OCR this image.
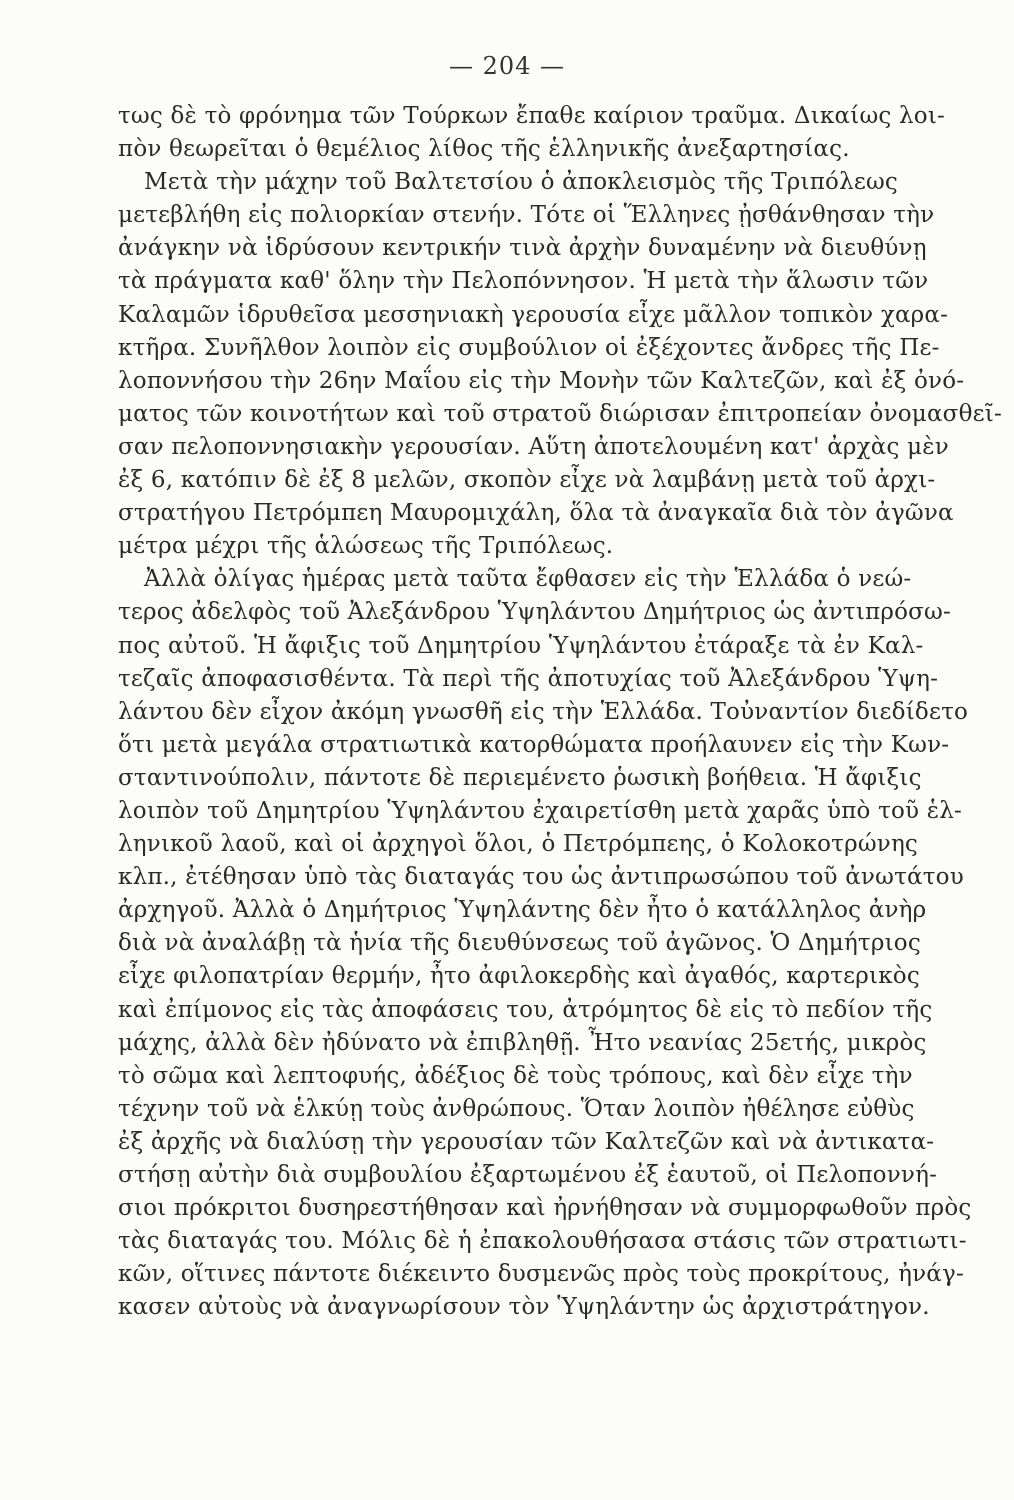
— 204 —
τως δὲ τὸ φρόνημα τῶν Τούρκων ἔπαθε καίριον τραῦμα. Δικαίως λοι-
πὸν θεωρεῖται ὁ θεμέλιος λίθος τῆς ἑλληνικῆς ἀνεξαρτησίας.
Μετὰ τὴν μάχην τοῦ Βαλτετσίου ὁ ἀποκλεισμὸς τῆς Τριπόλεως
μετεβλήθη εἰς πολιορκίαν στενήν. Τότε οἱ Ἕλληνες ᾐσθάνθησαν τὴν
ἀνάγκην νὰ ἱδρύσουν κεντρικήν τινὰ ἀρχὴν δυναμένην νὰ διευθύνῃ
τὰ πράγματα καθ' ὅλην τὴν Πελοπόννησον. Ἡ μετὰ τὴν ἅλωσιν τῶν
Καλαμῶν ἱδρυθεῖσα μεσσηνιακὴ γερουσία εἶχε μᾶλλον τοπικὸν χαρα-
κτῆρα. Συνῆλθον λοιπὸν εἰς συμβούλιον οἱ ἐξέχοντες ἄνδρες τῆς Πε-
λοποννήσου τὴν 26ην Μαΐου εἰς τὴν Μονὴν τῶν Καλτεζῶν, καὶ ἐξ ὀνό-
ματος τῶν κοινοτήτων καὶ τοῦ στρατοῦ διώρισαν ἐπιτροπείαν ὀνομασθεῖ-
σαν πελοποννησιακὴν γερουσίαν. Αὕτη ἀποτελουμένη κατ' ἀρχὰς μὲν
ἐξ 6, κατόπιν δὲ ἐξ 8 μελῶν, σκοπὸν εἶχε νὰ λαμβάνῃ μετὰ τοῦ ἀρχι-
στρατήγου Πετρόμπεη Μαυρομιχάλη, ὅλα τὰ ἀναγκαῖα διὰ τὸν ἀγῶνα
μέτρα μέχρι τῆς ἁλώσεως τῆς Τριπόλεως.
Ἀλλὰ ὀλίγας ἡμέρας μετὰ ταῦτα ἔφθασεν εἰς τὴν Ἑλλάδα ὁ νεώ-
τερος ἀδελφὸς τοῦ Ἀλεξάνδρου Ὑψηλάντου Δημήτριος ὡς ἀντιπρόσω-
πος αὐτοῦ. Ἡ ἄφιξις τοῦ Δημητρίου Ὑψηλάντου ἐτάραξε τὰ ἐν Καλ-
τεζαῖς ἀποφασισθέντα. Τὰ περὶ τῆς ἀποτυχίας τοῦ Ἀλεξάνδρου Ὑψη-
λάντου δὲν εἶχον ἀκόμη γνωσθῆ εἰς τὴν Ἑλλάδα. Τοὐναντίον διεδίδετο
ὅτι μετὰ μεγάλα στρατιωτικὰ κατορθώματα προήλαυνεν εἰς τὴν Κων-
σταντινούπολιν, πάντοτε δὲ περιεμένετο ῥωσικὴ βοήθεια. Ἡ ἄφιξις
λοιπὸν τοῦ Δημητρίου Ὑψηλάντου ἐχαιρετίσθη μετὰ χαρᾶς ὑπὸ τοῦ ἑλ-
ληνικοῦ λαοῦ, καὶ οἱ ἀρχηγοὶ ὅλοι, ὁ Πετρόμπεης, ὁ Κολοκοτρώνης
κλπ., ἐτέθησαν ὑπὸ τὰς διαταγάς του ὡς ἀντιπρωσώπου τοῦ ἀνωτάτου
ἀρχηγοῦ. Ἀλλὰ ὁ Δημήτριος Ὑψηλάντης δὲν ἦτο ὁ κατάλληλος ἀνὴρ
διὰ νὰ ἀναλάβῃ τὰ ἡνία τῆς διευθύνσεως τοῦ ἀγῶνος. Ὁ Δημήτριος
εἶχε φιλοπατρίαν θερμήν, ἦτο ἀφιλοκερδὴς καὶ ἀγαθός, καρτερικὸς
καὶ ἐπίμονος εἰς τὰς ἀποφάσεις του, ἀτρόμητος δὲ εἰς τὸ πεδίον τῆς
μάχης, ἀλλὰ δὲν ἠδύνατο νὰ ἐπιβληθῇ. Ἦτο νεανίας 25ετής, μικρὸς
τὸ σῶμα καὶ λεπτοφυής, ἀδέξιος δὲ τοὺς τρόπους, καὶ δὲν εἶχε τὴν
τέχνην τοῦ νὰ ἑλκύῃ τοὺς ἀνθρώπους. Ὅταν λοιπὸν ἠθέλησε εὐθὺς
ἐξ ἀρχῆς νὰ διαλύσῃ τὴν γερουσίαν τῶν Καλτεζῶν καὶ νὰ ἀντικατα-
στήσῃ αὐτὴν διὰ συμβουλίου ἐξαρτωμένου ἐξ ἑαυτοῦ, οἱ Πελοποννή-
σιοι πρόκριτοι δυσηρεστήθησαν καὶ ἠρνήθησαν νὰ συμμορφωθοῦν πρὸς
τὰς διαταγάς του. Μόλις δὲ ἡ ἐπακολουθήσασα στάσις τῶν στρατιωτι-
κῶν, οἵτινες πάντοτε διέκειντο δυσμενῶς πρὸς τοὺς προκρίτους, ἠνάγ-
κασεν αὐτοὺς νὰ ἀναγνωρίσουν τὸν Ὑψηλάντην ὡς ἀρχιστράτηγον.
